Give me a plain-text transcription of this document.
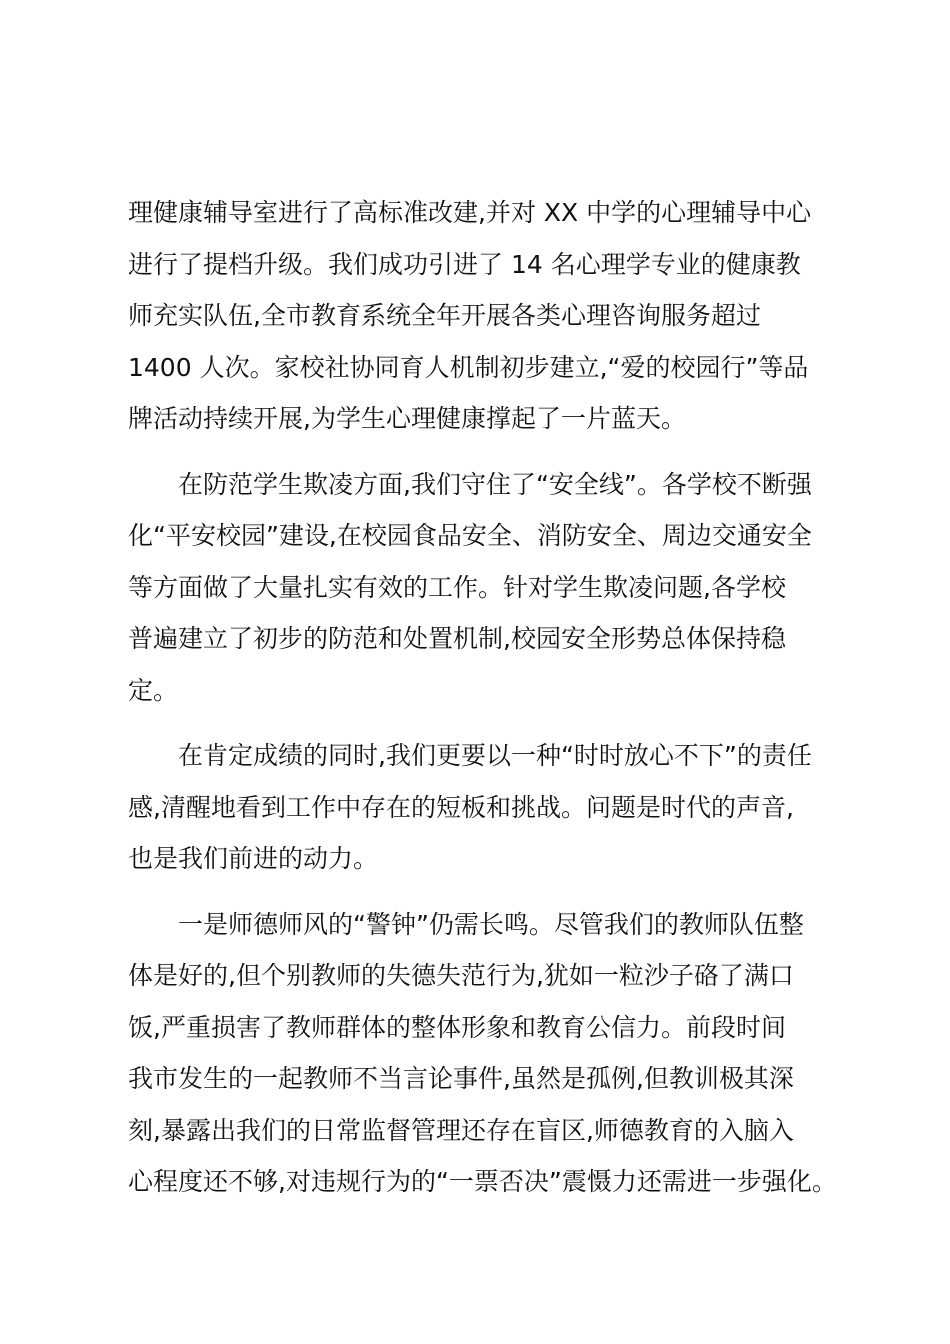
理健康辅导室进行了高标准改建,并对 XX 中学的心理辅导中心
进行了提档升级。我们成功引进了 14 名心理学专业的健康教
师充实队伍,全市教育系统全年开展各类心理咨询服务超过
1400 人次。家校社协同育人机制初步建立,“爱的校园行”等品
牌活动持续开展,为学生心理健康撑起了一片蓝天。
在防范学生欺凌方面,我们守住了“安全线”。各学校不断强
化“平安校园”建设,在校园食品安全、消防安全、周边交通安全
等方面做了大量扎实有效的工作。针对学生欺凌问题,各学校
普遍建立了初步的防范和处置机制,校园安全形势总体保持稳
定。
在肯定成绩的同时,我们更要以一种“时时放心不下”的责任
感,清醒地看到工作中存在的短板和挑战。问题是时代的声音,
也是我们前进的动力。
一是师德师风的“警钟”仍需长鸣。尽管我们的教师队伍整
体是好的,但个别教师的失德失范行为,犹如一粒沙子硌了满口
饭,严重损害了教师群体的整体形象和教育公信力。前段时间
我市发生的一起教师不当言论事件,虽然是孤例,但教训极其深
刻,暴露出我们的日常监督管理还存在盲区,师德教育的入脑入
心程度还不够,对违规行为的“一票否决”震慑力还需进一步强化。
